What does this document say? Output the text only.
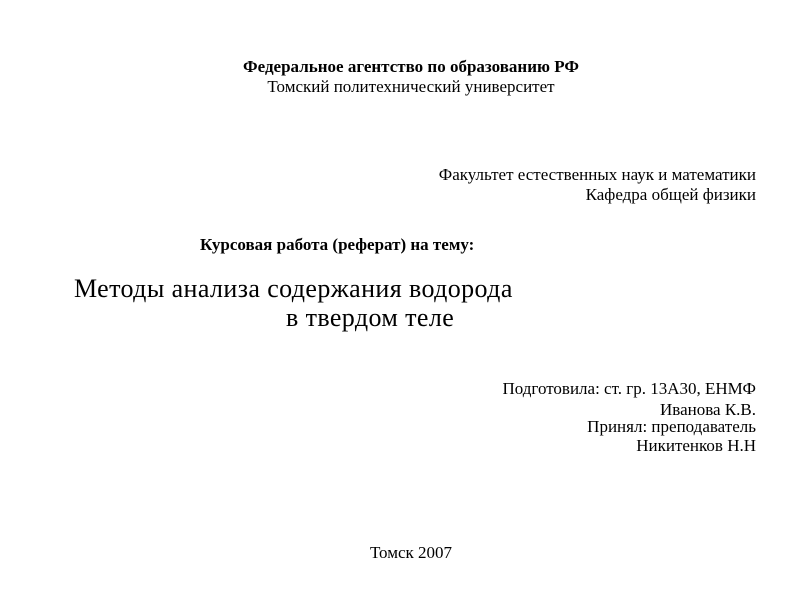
Федеральное агентство по образованию РФ
Томский политехнический университет
Факультет естественных наук и математики
Кафедра общей физики
Курсовая работа (реферат) на тему:
Методы анализа содержания водорода
в твердом теле
Подготовила: ст. гр. 13А30, ЕНМФ
Иванова К.В.
Принял: преподаватель
Никитенков Н.Н
Томск 2007
